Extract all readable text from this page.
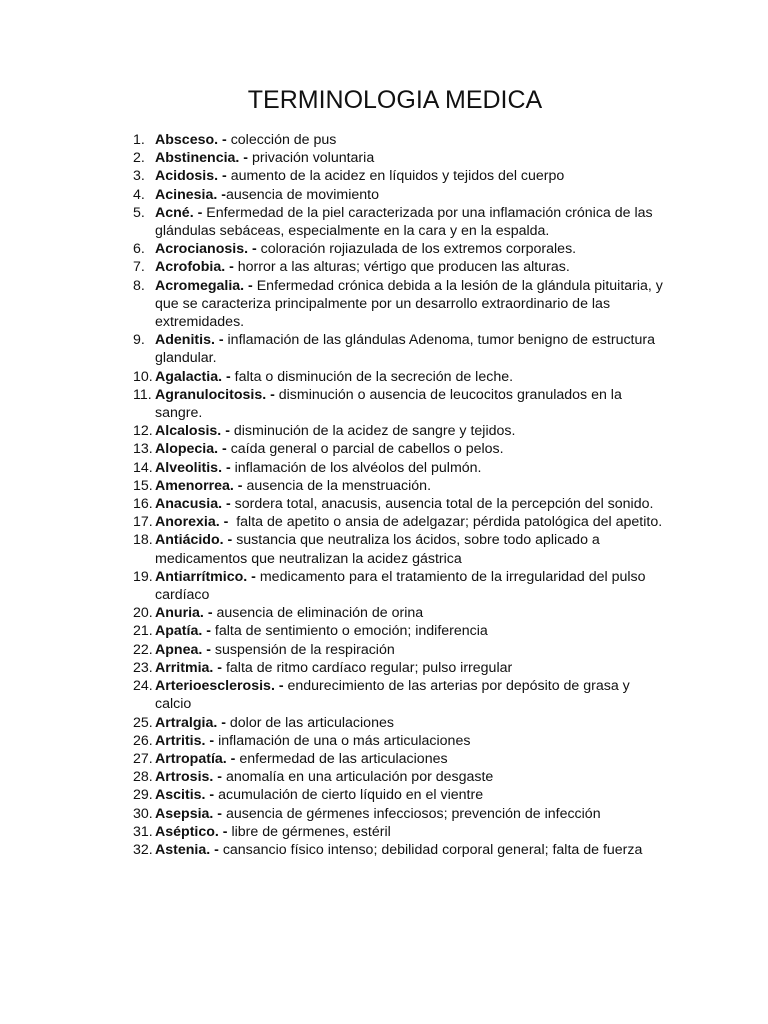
TERMINOLOGIA MEDICA
1. Absceso. - colección de pus
2. Abstinencia. - privación voluntaria
3. Acidosis. - aumento de la acidez en líquidos y tejidos del cuerpo
4. Acinesia. -ausencia de movimiento
5. Acné. - Enfermedad de la piel caracterizada por una inflamación crónica de las glándulas sebáceas, especialmente en la cara y en la espalda.
6. Acrocianosis. - coloración rojiazulada de los extremos corporales.
7. Acrofobia. - horror a las alturas; vértigo que producen las alturas.
8. Acromegalia. - Enfermedad crónica debida a la lesión de la glándula pituitaria, y que se caracteriza principalmente por un desarrollo extraordinario de las extremidades.
9. Adenitis. - inflamación de las glándulas Adenoma, tumor benigno de estructura glandular.
10. Agalactia. - falta o disminución de la secreción de leche.
11. Agranulocitosis. - disminución o ausencia de leucocitos granulados en la sangre.
12. Alcalosis. - disminución de la acidez de sangre y tejidos.
13. Alopecia. - caída general o parcial de cabellos o pelos.
14. Alveolitis. - inflamación de los alvéolos del pulmón.
15. Amenorrea. - ausencia de la menstruación.
16. Anacusia. - sordera total, anacusis, ausencia total de la percepción del sonido.
17. Anorexia. -  falta de apetito o ansia de adelgazar; pérdida patológica del apetito.
18. Antiácido. - sustancia que neutraliza los ácidos, sobre todo aplicado a medicamentos que neutralizan la acidez gástrica
19. Antiarrítmico. - medicamento para el tratamiento de la irregularidad del pulso cardíaco
20. Anuria. - ausencia de eliminación de orina
21. Apatía. - falta de sentimiento o emoción; indiferencia
22. Apnea. - suspensión de la respiración
23. Arritmia. - falta de ritmo cardíaco regular; pulso irregular
24. Arterioesclerosis. - endurecimiento de las arterias por depósito de grasa y calcio
25. Artralgia. - dolor de las articulaciones
26. Artritis. - inflamación de una o más articulaciones
27. Artropatía. - enfermedad de las articulaciones
28. Artrosis. - anomalía en una articulación por desgaste
29. Ascitis. - acumulación de cierto líquido en el vientre
30. Asepsia. - ausencia de gérmenes infecciosos; prevención de infección
31. Aséptico. - libre de gérmenes, estéril
32. Astenia. - cansancio físico intenso; debilidad corporal general; falta de fuerza
